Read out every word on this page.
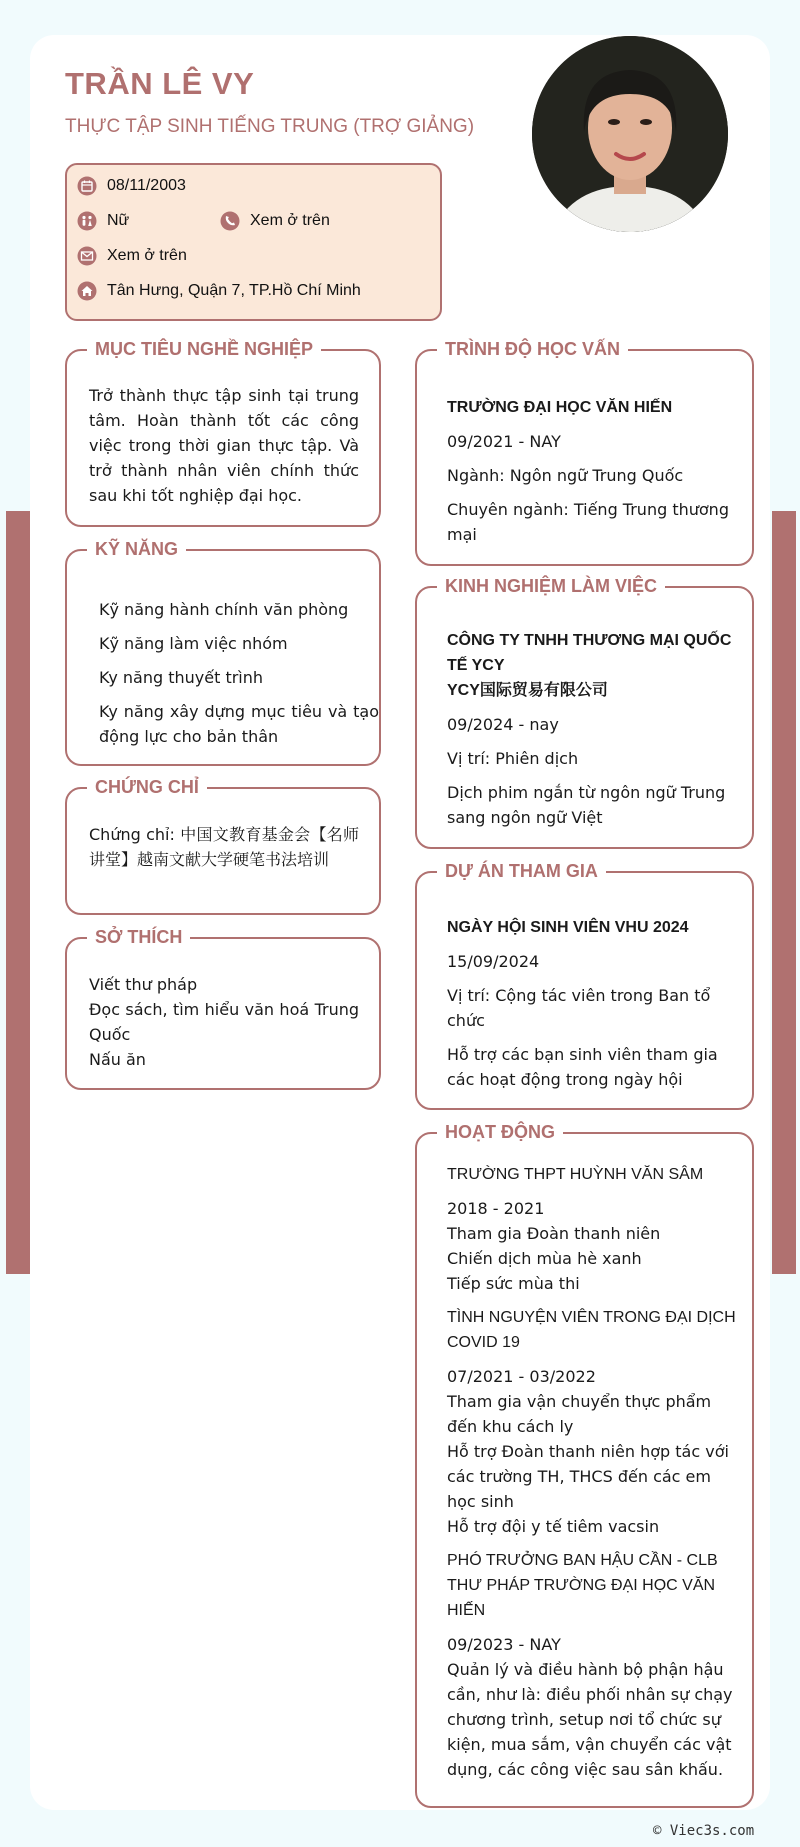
TRẦN LÊ VY

THỰC TẬP SINH TIẾNG TRUNG (TRỢ GIẢNG)

08/11/2003
Nữ	Xem ở trên
Xem ở trên
Tân Hưng, Quận 7, TP.Hồ Chí Minh
MỤC TIÊU NGHỀ NGHIỆP
Trở thành thực tập sinh tại trung tâm. Hoàn thành tốt các công việc trong thời gian thực tập. Và trở thành nhân viên chính thức sau khi tốt nghiệp đại học.
KỸ NĂNG

Kỹ năng hành chính văn phòng

Kỹ năng làm việc nhóm

Ky năng thuyết trình

Ky năng xây dựng mục tiêu và tạo động lực cho bản thân

CHỨNG CHỈ
Chứng chỉ: 中国文教育基金会【名师讲堂】越南文献大学硬笔书法培训
SỞ THÍCH

Viết thư pháp

Đọc sách, tìm hiểu văn hoá Trung Quốc

Nấu ăn

TRÌNH ĐỘ HỌC VẤN

TRƯỜNG ĐẠI HỌC VĂN HIẾN

09/2021 - NAY

Ngành: Ngôn ngữ Trung Quốc

Chuyên ngành: Tiếng Trung thương mại

KINH NGHIỆM LÀM VIỆC

CÔNG TY TNHH THƯƠNG MẠI QUỐC TẾ YCY

YCY国际贸易有限公司

09/2024 - nay

Vị trí: Phiên dịch

Dịch phim ngắn từ ngôn ngữ Trung sang ngôn ngữ Việt

DỰ ÁN THAM GIA

NGÀY HỘI SINH VIÊN VHU 2024

15/09/2024

Vị trí: Cộng tác viên trong Ban tổ chức

Hỗ trợ các bạn sinh viên tham gia các hoạt động trong ngày hội

HOẠT ĐỘNG

TRƯỜNG THPT HUỲNH VĂN SÂM

2018 - 2021

Tham gia Đoàn thanh niên

Chiến dịch mùa hè xanh

Tiếp sức mùa thi

TÌNH NGUYỆN VIÊN TRONG ĐẠI DỊCH COVID 19

07/2021 - 03/2022

Tham gia vận chuyển thực phẩm đến khu cách ly

Hỗ trợ Đoàn thanh niên hợp tác với các trường TH, THCS đến các em học sinh

Hỗ trợ đội y tế tiêm vacsin

PHÓ TRƯỞNG BAN HẬU CẦN - CLB THƯ PHÁP TRƯỜNG ĐẠI HỌC VĂN HIẾN

09/2023 - NAY

Quản lý và điều hành bộ phận hậu cần, như là: điều phối nhân sự chạy chương trình, setup nơi tổ chức sự kiện, mua sắm, vận chuyển các vật dụng, các công việc sau sân khấu.

© Viec3s.com
